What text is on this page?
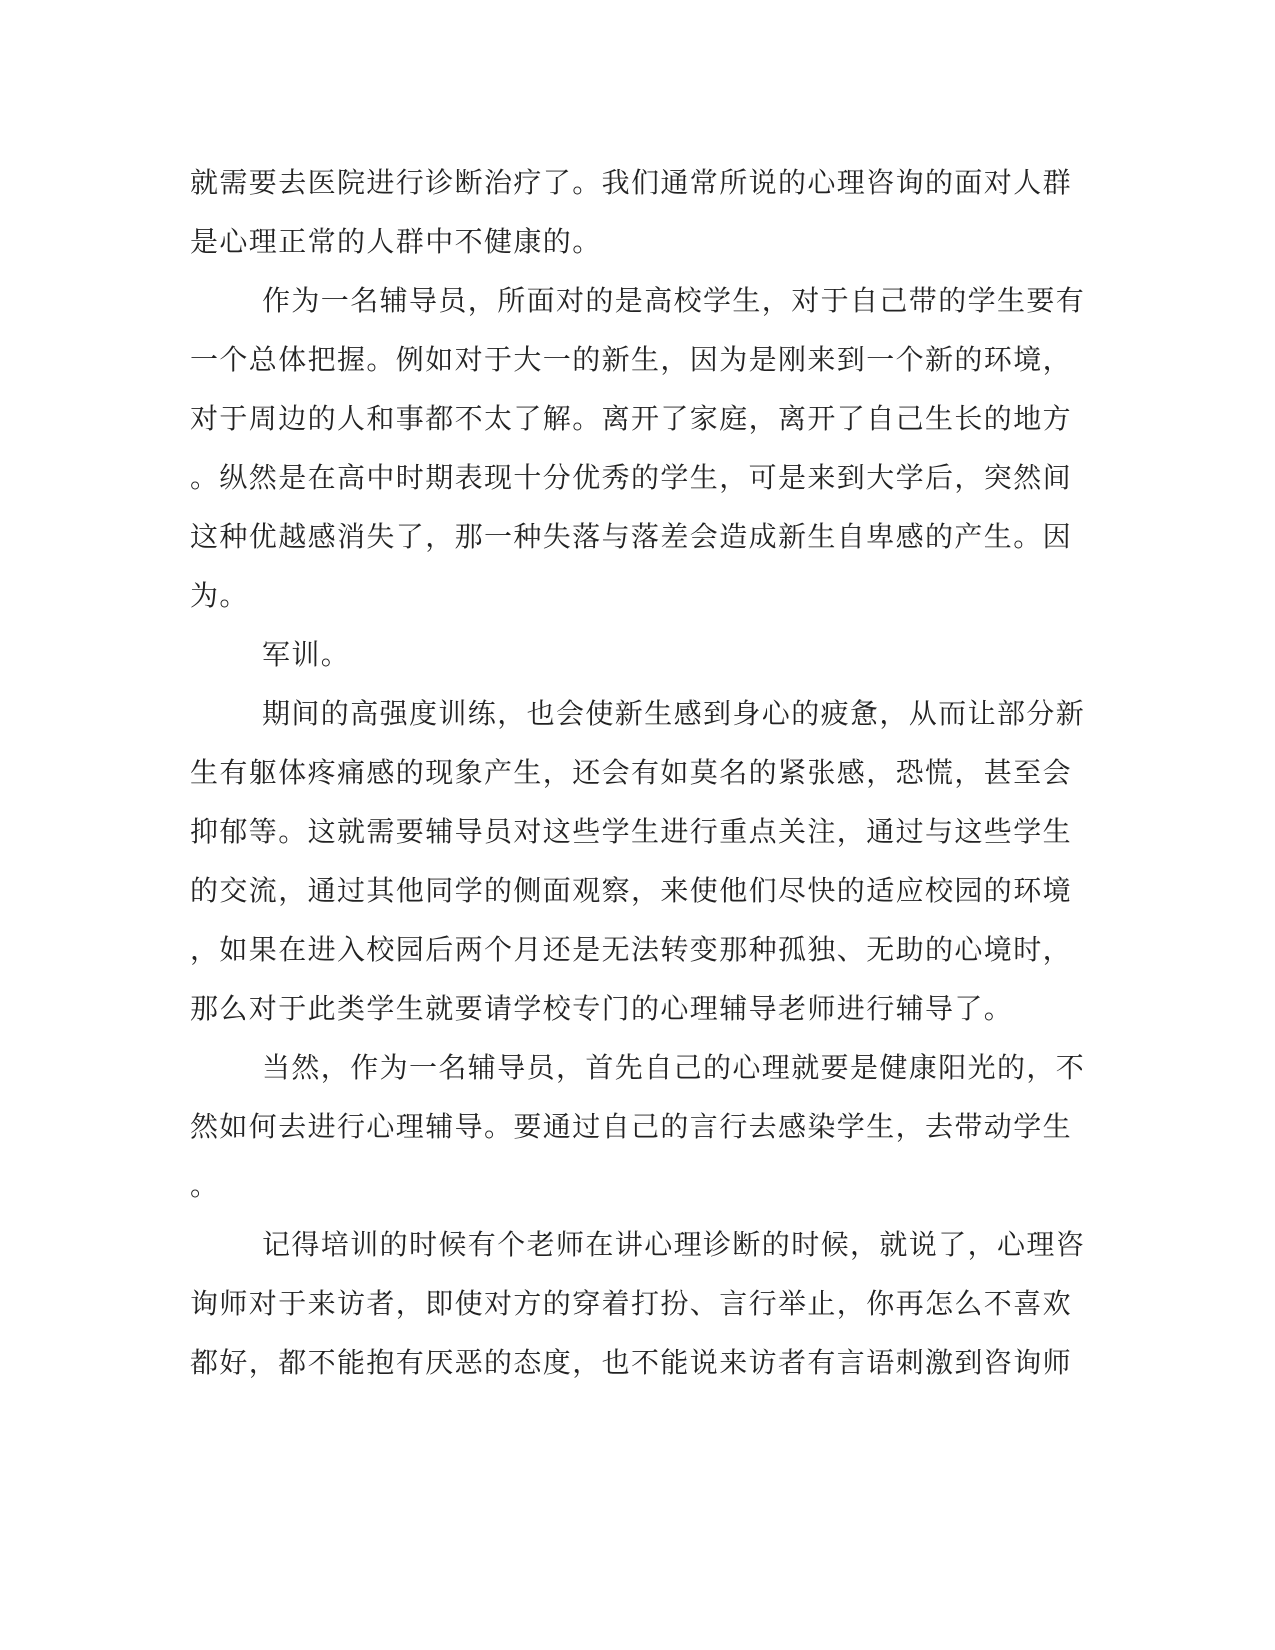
就需要去医院进行诊断治疗了。我们通常所说的心理咨询的面对人群
是心理正常的人群中不健康的。
作为一名辅导员，所面对的是高校学生，对于自己带的学生要有
一个总体把握。例如对于大一的新生，因为是刚来到一个新的环境，
对于周边的人和事都不太了解。离开了家庭，离开了自己生长的地方
。纵然是在高中时期表现十分优秀的学生，可是来到大学后，突然间
这种优越感消失了，那一种失落与落差会造成新生自卑感的产生。因
为。
军训。
期间的高强度训练，也会使新生感到身心的疲惫，从而让部分新
生有躯体疼痛感的现象产生，还会有如莫名的紧张感，恐慌，甚至会
抑郁等。这就需要辅导员对这些学生进行重点关注，通过与这些学生
的交流，通过其他同学的侧面观察，来使他们尽快的适应校园的环境
，如果在进入校园后两个月还是无法转变那种孤独、无助的心境时，
那么对于此类学生就要请学校专门的心理辅导老师进行辅导了。
当然，作为一名辅导员，首先自己的心理就要是健康阳光的，不
然如何去进行心理辅导。要通过自己的言行去感染学生，去带动学生
。
记得培训的时候有个老师在讲心理诊断的时候，就说了，心理咨
询师对于来访者，即使对方的穿着打扮、言行举止，你再怎么不喜欢
都好，都不能抱有厌恶的态度，也不能说来访者有言语刺激到咨询师
